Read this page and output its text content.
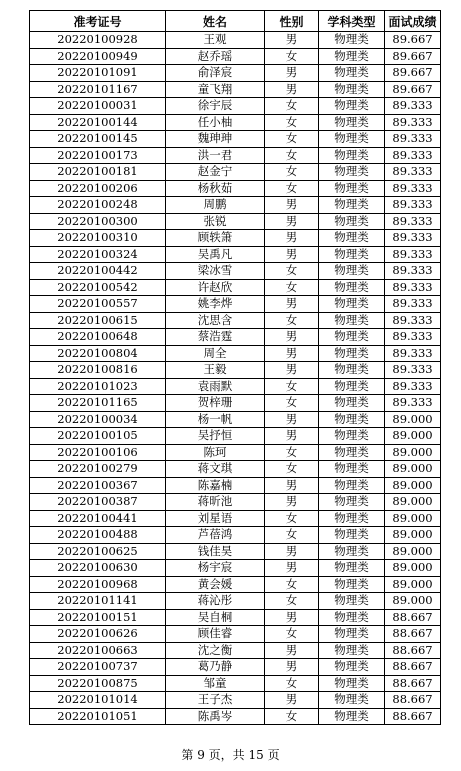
准考证号	姓名	性别	学科类型	面试成绩
20220100928	王观	男	物理类	89.667
20220100949	赵乔瑶	女	物理类	89.667
20220101091	俞泽宸	男	物理类	89.667
20220101167	童飞翔	男	物理类	89.667
20220100031	徐宇辰	女	物理类	89.333
20220100144	任小柚	女	物理类	89.333
20220100145	魏珅珅	女	物理类	89.333
20220100173	洪一君	女	物理类	89.333
20220100181	赵金宁	女	物理类	89.333
20220100206	杨秋茹	女	物理类	89.333
20220100248	周鹏	男	物理类	89.333
20220100300	张锐	男	物理类	89.333
20220100310	顾轶箫	男	物理类	89.333
20220100324	吴禹凡	男	物理类	89.333
20220100442	梁冰雪	女	物理类	89.333
20220100542	许赵欣	女	物理类	89.333
20220100557	姚李烨	男	物理类	89.333
20220100615	沈思含	女	物理类	89.333
20220100648	蔡浩霆	男	物理类	89.333
20220100804	周全	男	物理类	89.333
20220100816	王毅	男	物理类	89.333
20220101023	袁雨默	女	物理类	89.333
20220101165	贺梓珊	女	物理类	89.333
20220100034	杨一帆	男	物理类	89.000
20220100105	吴抒恒	男	物理类	89.000
20220100106	陈珂	女	物理类	89.000
20220100279	蒋文琪	女	物理类	89.000
20220100367	陈嘉楠	男	物理类	89.000
20220100387	蒋昕池	男	物理类	89.000
20220100441	刘星语	女	物理类	89.000
20220100488	芦蓓鸿	女	物理类	89.000
20220100625	钱佳昊	男	物理类	89.000
20220100630	杨宇宸	男	物理类	89.000
20220100968	黄会媛	女	物理类	89.000
20220101141	蒋沁彤	女	物理类	89.000
20220100151	吴自桐	男	物理类	88.667
20220100626	顾佳睿	女	物理类	88.667
20220100663	沈之衡	男	物理类	88.667
20220100737	葛乃静	男	物理类	88.667
20220100875	邹童	女	物理类	88.667
20220101014	王子杰	男	物理类	88.667
20220101051	陈禹岑	女	物理类	88.667
第 9 页，共 15 页
